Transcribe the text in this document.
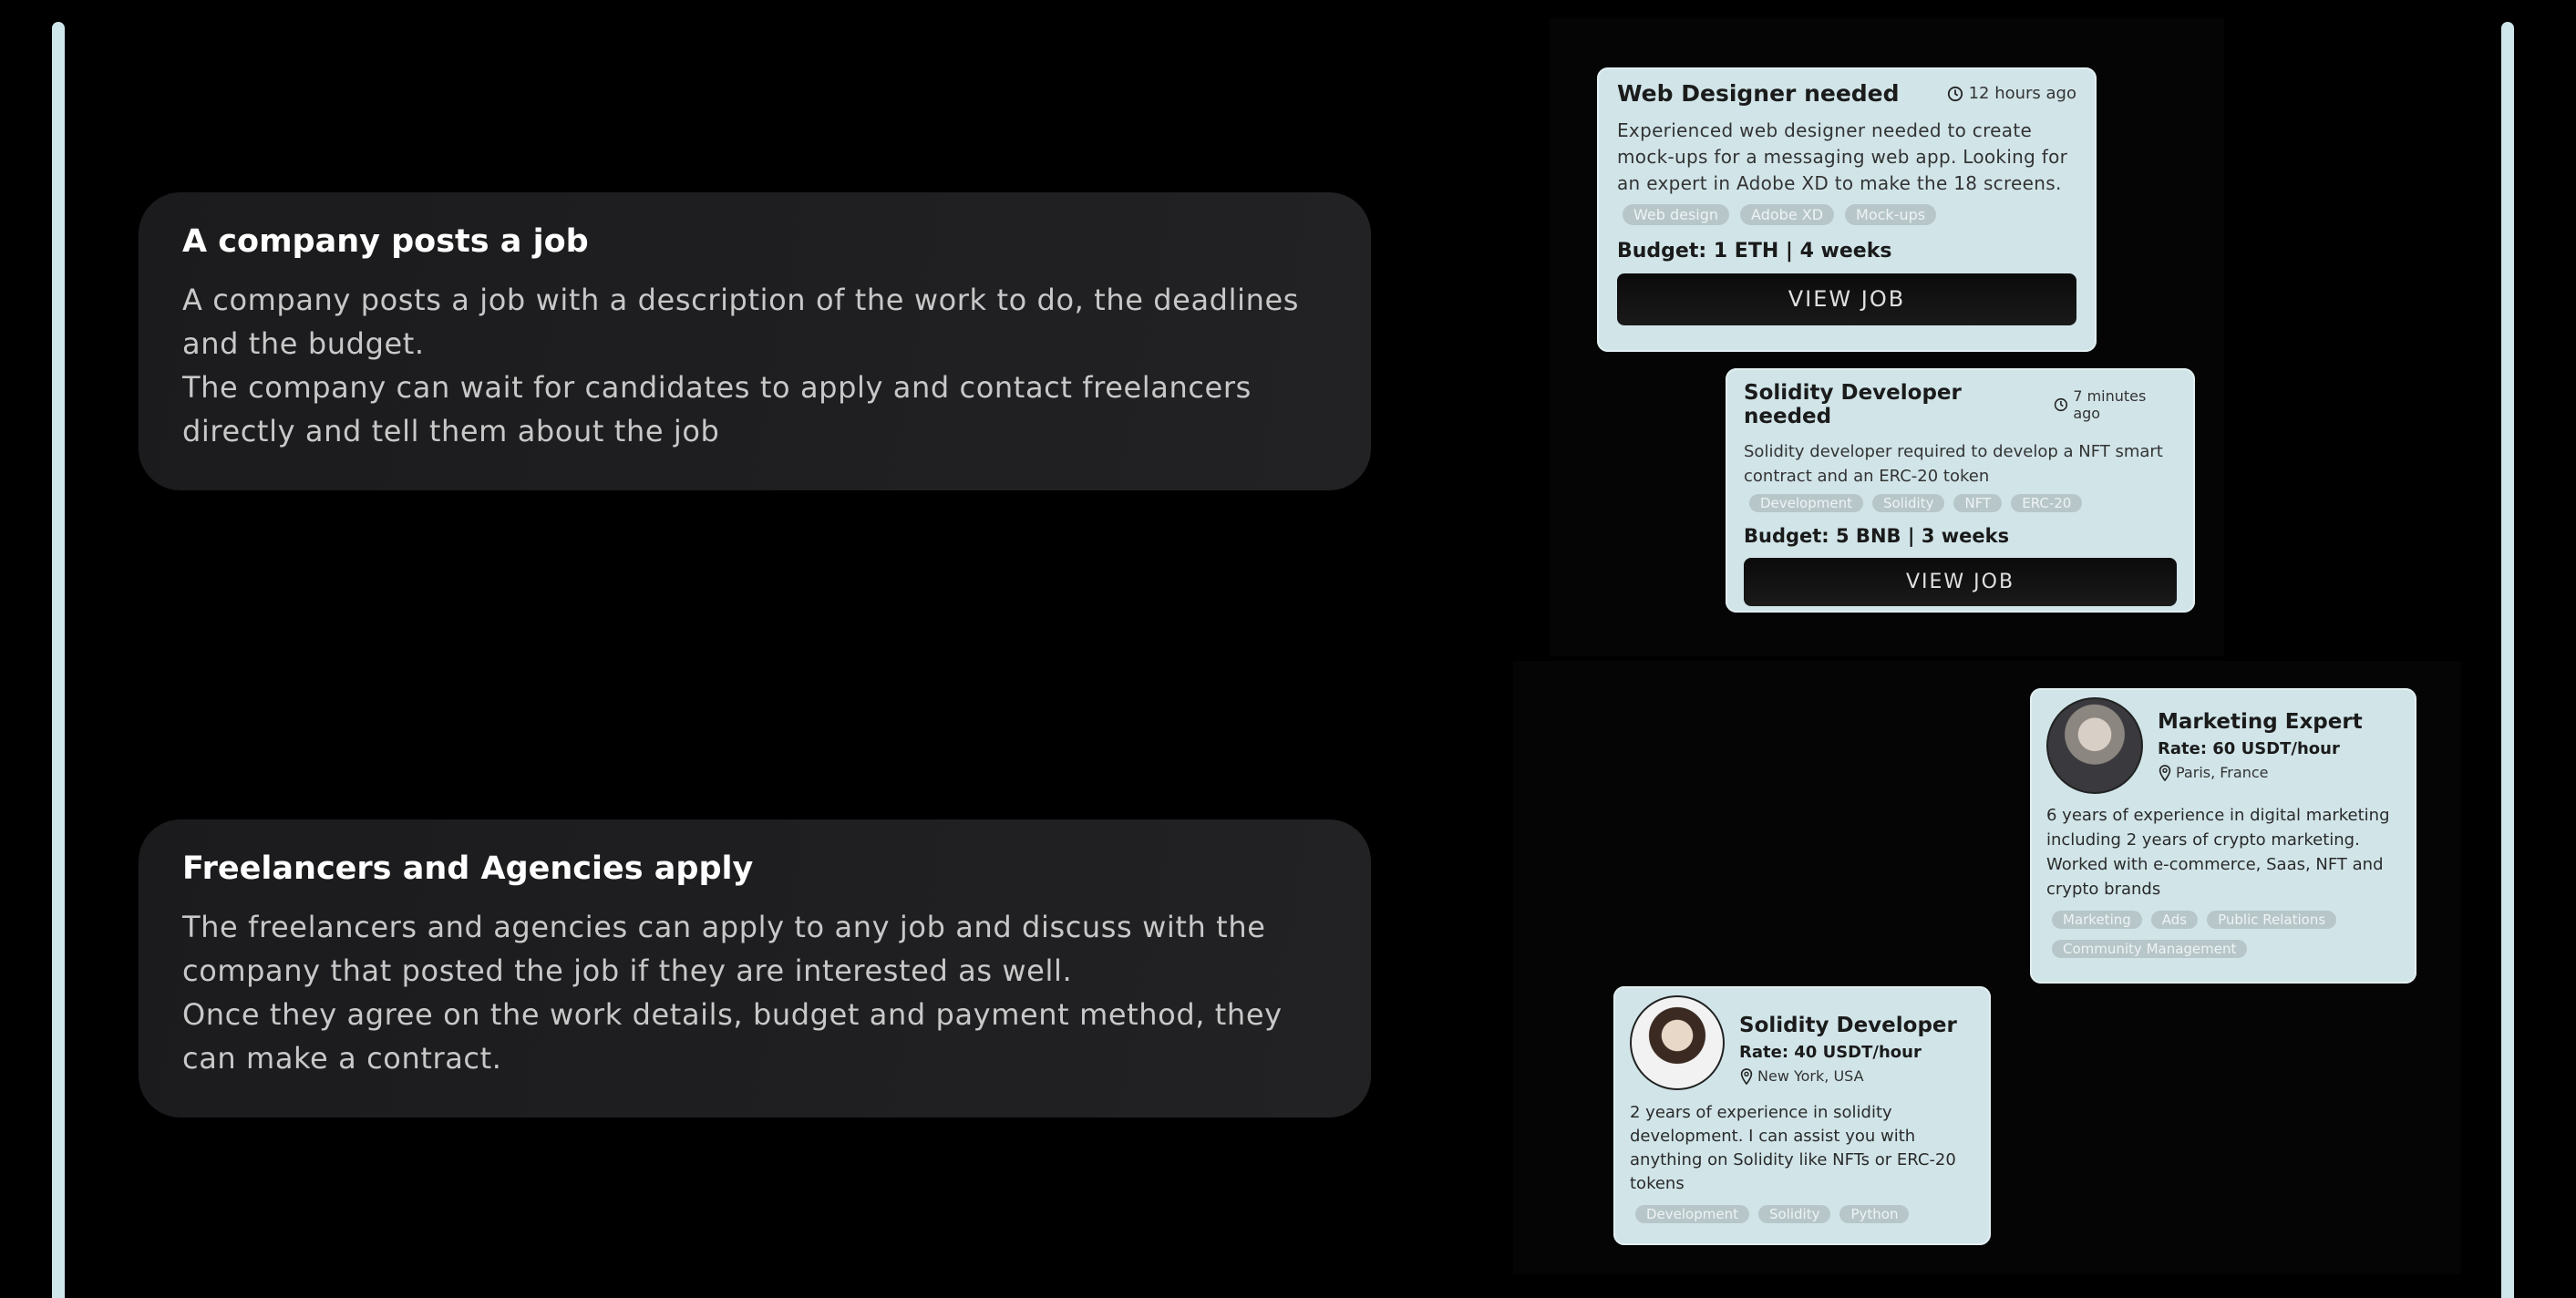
A company posts a job

A company posts a job with a description of the work to do, the deadlines and the budget.

The company can wait for candidates to apply and contact freelancers directly and tell them about the job

Freelancers and Agencies apply

The freelancers and agencies can apply to any job and discuss with the company that posted the job if they are interested as well.

Once they agree on the work details, budget and payment method, they can make a contract.

Web Designer needed	12 hours ago
Experienced web designer needed to create mock-ups for a messaging web app. Looking for an expert in Adobe XD to make the 18 screens.
Web design	Adobe XD	Mock-ups
Budget: 1 ETH | 4 weeks
VIEW JOB
Solidity Developer needed
7 minutes ago
Solidity developer required to develop a NFT smart contract and an ERC-20 token
Development	Solidity	NFT	ERC-20
Budget: 5 BNB | 3 weeks
VIEW JOB
Marketing Expert
Rate: 60 USDT/hour
Paris, France
6 years of experience in digital marketing including 2 years of crypto marketing. Worked with e-commerce, Saas, NFT and crypto brands
Marketing	Ads	Public Relations
Community Management
Solidity Developer
Rate: 40 USDT/hour
New York, USA
2 years of experience in solidity development. I can assist you with anything on Solidity like NFTs or ERC-20 tokens
Development	Solidity	Python
